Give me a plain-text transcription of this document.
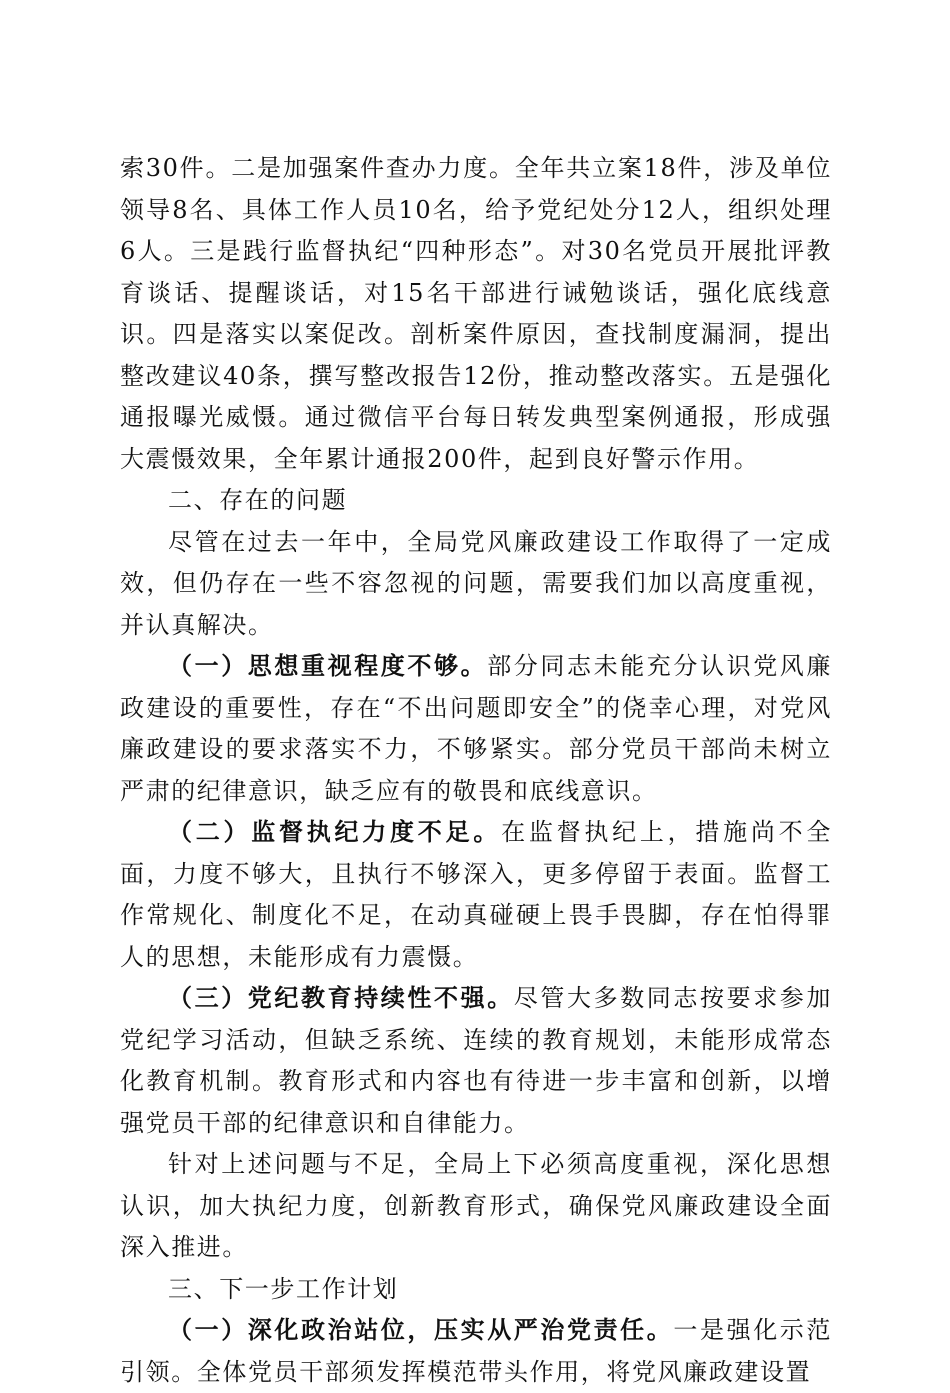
索30件。二是加强案件查办力度。全年共立案18件，涉及单位领导8名、具体工作人员10名，给予党纪处分12人，组织处理6人。三是践行监督执纪“四种形态”。对30名党员开展批评教育谈话、提醒谈话，对15名干部进行诫勉谈话，强化底线意识。四是落实以案促改。剖析案件原因，查找制度漏洞，提出整改建议40条，撰写整改报告12份，推动整改落实。五是强化通报曝光威慑。通过微信平台每日转发典型案例通报，形成强大震慑效果，全年累计通报200件，起到良好警示作用。

二、存在的问题

尽管在过去一年中，全局党风廉政建设工作取得了一定成效，但仍存在一些不容忽视的问题，需要我们加以高度重视，并认真解决。

（一）思想重视程度不够。部分同志未能充分认识党风廉政建设的重要性，存在“不出问题即安全”的侥幸心理，对党风廉政建设的要求落实不力，不够紧实。部分党员干部尚未树立严肃的纪律意识，缺乏应有的敬畏和底线意识。

（二）监督执纪力度不足。在监督执纪上，措施尚不全面，力度不够大，且执行不够深入，更多停留于表面。监督工作常规化、制度化不足，在动真碰硬上畏手畏脚，存在怕得罪人的思想，未能形成有力震慑。

（三）党纪教育持续性不强。尽管大多数同志按要求参加党纪学习活动，但缺乏系统、连续的教育规划，未能形成常态化教育机制。教育形式和内容也有待进一步丰富和创新，以增强党员干部的纪律意识和自律能力。

针对上述问题与不足，全局上下必须高度重视，深化思想认识，加大执纪力度，创新教育形式，确保党风廉政建设全面深入推进。

三、下一步工作计划

（一）深化政治站位，压实从严治党责任。一是强化示范引领。全体党员干部须发挥模范带头作用，将党风廉政建设置
